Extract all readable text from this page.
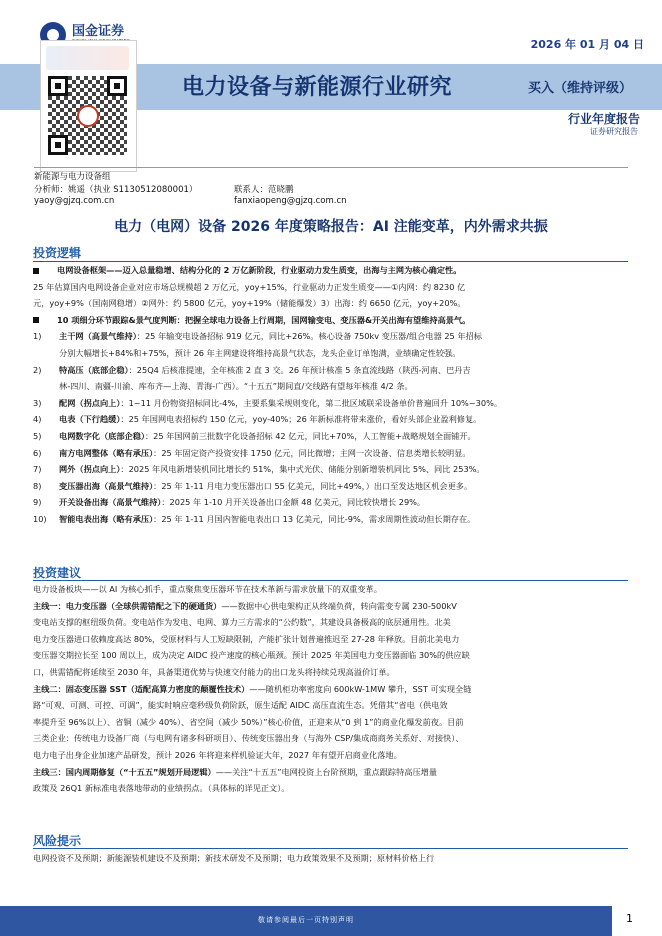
国金证券
2026 年 01 月 04 日
电力设备与新能源行业研究	买入（维持评级）
行业年度报告
证券研究报告
新能源与电力设备组
分析师：姚遥（执业 S1130512080001）	联系人：范晓鹏
yaoy@gjzq.com.cn	fanxiaopeng@gjzq.com.cn
电力（电网）设备 2026 年度策略报告：AI 注能变革，内外需求共振
投资逻辑
电网设备框架——迈入总量稳增、结构分化的 2 万亿新阶段，行业驱动力发生质变，出海与主网为核心确定性。
25 年估算国内电网设备企业对应市场总规模超 2 万亿元，yoy+15%，行业驱动力正发生质变——①内网：约 8230 亿
元，yoy+9%（国南网稳增）②网外：约 5800 亿元，yoy+19%（储能爆发）3）出海：约 6650 亿元，yoy+20%。
10 项细分环节跟踪&景气度判断：把握全球电力设备上行周期，国网输变电、变压器&开关出海有望维持高景气。
1) 主干网（高景气维持）：25 年输变电设备招标 919 亿元，同比+26%。核心设备 750kv 变压器/组合电器 25 年招标
分别大幅增长+84%和+75%，预计 26 年主网建设将维持高景气状态，龙头企业订单饱满，业绩确定性较强。
2) 特高压（底部企稳）：25Q4 后核准提速，全年核准 2 直 3 交。26 年预计核准 5 条直流线路（陕西-河南、巴丹吉
林-四川、南疆-川渝、库布齐—上海、青海-广西）。“十五五”期间直/交线路有望每年核准 4/2 条。
3) 配网（拐点向上）：1~11 月份物资招标同比-4%，主要系集采规则变化，第二批区域联采设备单价普遍回升 10%~30%。
4) 电表（下行趋缓）：25 年国网电表招标约 150 亿元，yoy-40%；26 年新标准将带来涨价，看好头部企业盈利修复。
5) 电网数字化（底部企稳）：25 年国网前三批数字化设备招标 42 亿元，同比+70%，人工智能+战略规划全面铺开。
6) 南方电网整体（略有承压）：25 年固定资产投资安排 1750 亿元，同比微增；主网一次设备、信息类增长较明显。
7) 网外（拐点向上）：2025 年风电新增装机同比增长约 51%，集中式光伏、储能分别新增装机同比 5%、同比 253%。
8) 变压器出海（高景气维持）：25 年 1-11 月电力变压器出口 55 亿美元，同比+49%，）出口至发达地区机会更多。
9) 开关设备出海（高景气维持）：2025 年 1-10 月开关设备出口金额 48 亿美元，同比较快增长 29%。
10) 智能电表出海（略有承压）：25 年 1-11 月国内智能电表出口 13 亿美元，同比-9%，需求周期性波动但长期存在。
投资建议
电力设备板块——以 AI 为核心抓手，重点聚焦变压器环节在技术革新与需求放量下的双重变革。
主线一：电力变压器（全球供需错配之下的硬通货）——数据中心供电架构正从终端负荷，转向需变专属 230-500kV
变电站支撑的枢纽级负荷。变电站作为发电、电网、算力三方需求的“公约数”，其建设具备极高的底层通用性。北美
电力变压器进口依赖度高达 80%，受原材料与人工短缺限制，产能扩张计划普遍推迟至 27-28 年释放。目前北美电力
变压器交期拉长至 100 周以上，成为决定 AIDC 投产速度的核心瓶颈。预计 2025 年美国电力变压器面临 30%的供应缺
口，供需错配将延续至 2030 年，具备渠道优势与快速交付能力的出口龙头将持续兑现高溢价订单。
主线二：固态变压器 SST（适配高算力密度的颠覆性技术）——随机柜功率密度向 600kW-1MW 攀升，SST 可实现全链
路“可观、可测、可控、可调”，能实时响应毫秒级负荷阶跃，原生适配 AIDC 高压直流生态。凭借其“省电（供电效
率提升至 96%以上）、省铜（减少 40%）、省空间（减少 50%）”核心价值，正迎来从“0 到 1”的商业化爆发前夜。目前
三类企业：传统电力设备厂商（与电网有诸多科研项目）、传统变压器出身（与海外 CSP/集成商商务关系好、对接快）、
电力电子出身企业加速产品研发，预计 2026 年将迎来样机验证大年，2027 年有望开启商业化落地。
主线三：国内周期修复（“十五五”规划开局逻辑）——关注“十五五”电网投资上台阶预期，重点跟踪特高压增量
政策及 26Q1 新标准电表落地带动的业绩拐点。（具体标的详见正文）。
风险提示
电网投资不及预期；新能源装机建设不及预期；新技术研发不及预期；电力政策效果不及预期；原材料价格上行
敬请参阅最后一页特别声明	1
